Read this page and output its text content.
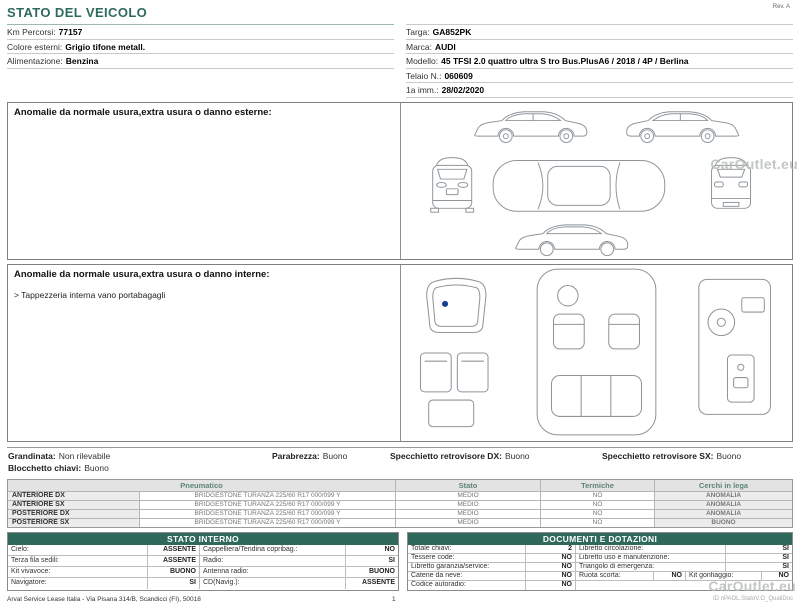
CarOutlet.eu
CarOutlet.eu
Rev. A
STATO DEL VEICOLO
Km Percorsi: 77157
Colore esterni: Grigio tifone metall.
Alimentazione: Benzina
Targa: GA852PK
Marca: AUDI
Modello: 45 TFSI 2.0 quattro ultra S tro Bus.PlusA6 / 2018 / 4P / Berlina
Telaio N.: 060609
1a imm.: 28/02/2020
Anomalie da normale usura,extra usura o danno esterne:
Anomalie da normale usura,extra usura o danno interne:
> Tappezzeria interna vano portabagagli
Grandinata: Non rilevabile	Parabrezza: Buono	Specchietto retrovisore DX: Buono	Specchietto retrovisore SX: Buono
Blocchetto chiavi: Buono
Pneumatico	Stato	Termiche	Cerchi in lega
ANTERIORE DX	BRIDGESTONE TURANZA 225/60 R17 000/099 Y	MEDIO	NO	ANOMALIA
ANTERIORE SX	BRIDGESTONE TURANZA 225/60 R17 000/099 Y	MEDIO	NO	ANOMALIA
POSTERIORE DX	BRIDGESTONE TURANZA 225/60 R17 000/099 Y	MEDIO	NO	ANOMALIA
POSTERIORE SX	BRIDGESTONE TURANZA 225/60 R17 000/099 Y	MEDIO	NO	BUONO
STATO INTERNO
Cielo:	ASSENTE	Cappelliera/Tendina copribag.:	NO
Terza fila sedili:	ASSENTE	Radio:	SI
Kit vivavoce:	BUONO	Antenna radio:	BUONO
Navigatore:	SI	CD(Navig.):	ASSENTE
DOCUMENTI E DOTAZIONI
Totale chiavi:	2	Libretto circolazione:	SI
Tessere code:	NO	Libretto uso e manutenzione:	SI
Libretto garanzia/service:	NO	Triangolo di emergenza:	SI
Catene da neve:	NO	Ruota scorta:	NO	Kit gonfiaggio:	NO
Codice autoradio:	NO
Arval Service Lease Italia - Via Pisana 314/B, Scandicci (FI), 50018	1	ID nPAOL.StatoV.O_QualiDoc
